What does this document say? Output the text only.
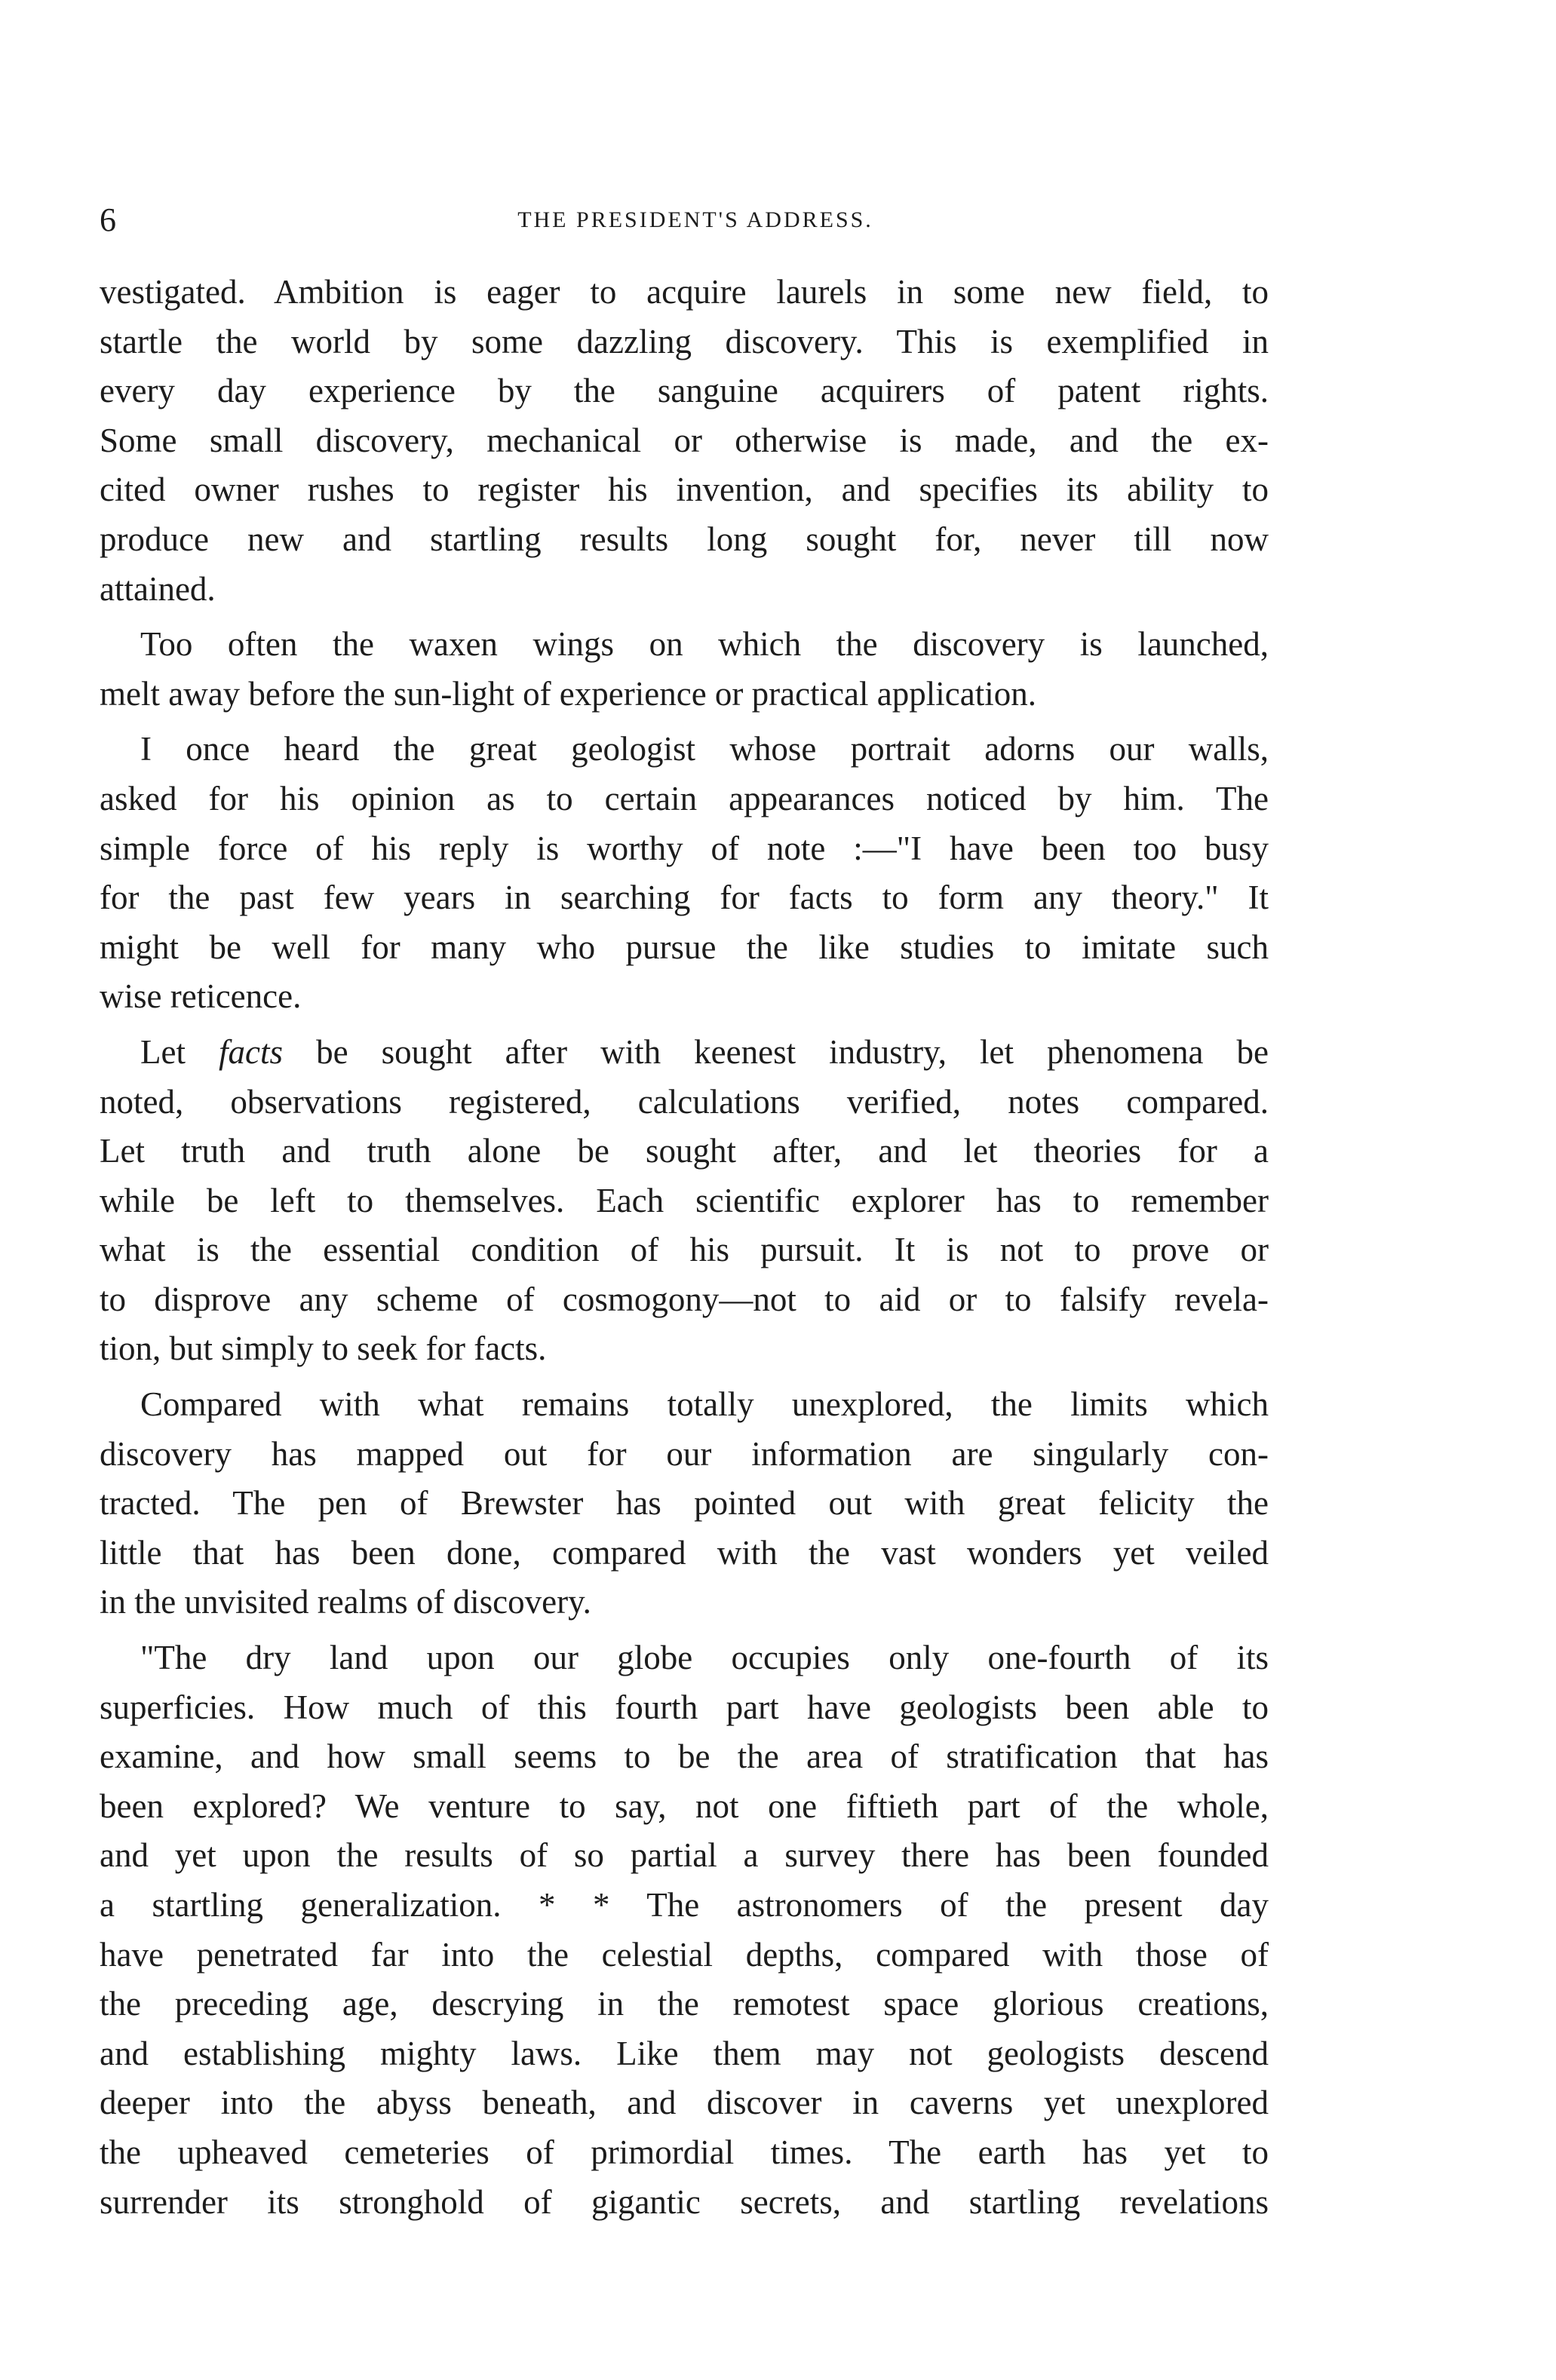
6	THE PRESIDENT'S ADDRESS.
vestigated. Ambition is eager to acquire laurels in some new field, to
startle the world by some dazzling discovery. This is exemplified in
every day experience by the sanguine acquirers of patent rights.
Some small discovery, mechanical or otherwise is made, and the ex-
cited owner rushes to register his invention, and specifies its ability to
produce new and startling results long sought for, never till now
attained.
Too often the waxen wings on which the discovery is launched,
melt away before the sun-light of experience or practical application.
I once heard the great geologist whose portrait adorns our walls,
asked for his opinion as to certain appearances noticed by him. The
simple force of his reply is worthy of note :—"I have been too busy
for the past few years in searching for facts to form any theory." It
might be well for many who pursue the like studies to imitate such
wise reticence.
Let facts be sought after with keenest industry, let phenomena be
noted, observations registered, calculations verified, notes compared.
Let truth and truth alone be sought after, and let theories for a
while be left to themselves. Each scientific explorer has to remember
what is the essential condition of his pursuit. It is not to prove or
to disprove any scheme of cosmogony—not to aid or to falsify revela-
tion, but simply to seek for facts.
Compared with what remains totally unexplored, the limits which
discovery has mapped out for our information are singularly con-
tracted. The pen of Brewster has pointed out with great felicity the
little that has been done, compared with the vast wonders yet veiled
in the unvisited realms of discovery.
"The dry land upon our globe occupies only one-fourth of its
superficies. How much of this fourth part have geologists been able to
examine, and how small seems to be the area of stratification that has
been explored? We venture to say, not one fiftieth part of the whole,
and yet upon the results of so partial a survey there has been founded
a startling generalization. * * The astronomers of the present day
have penetrated far into the celestial depths, compared with those of
the preceding age, descrying in the remotest space glorious creations,
and establishing mighty laws. Like them may not geologists descend
deeper into the abyss beneath, and discover in caverns yet unexplored
the upheaved cemeteries of primordial times. The earth has yet to
surrender its stronghold of gigantic secrets, and startling revelations
